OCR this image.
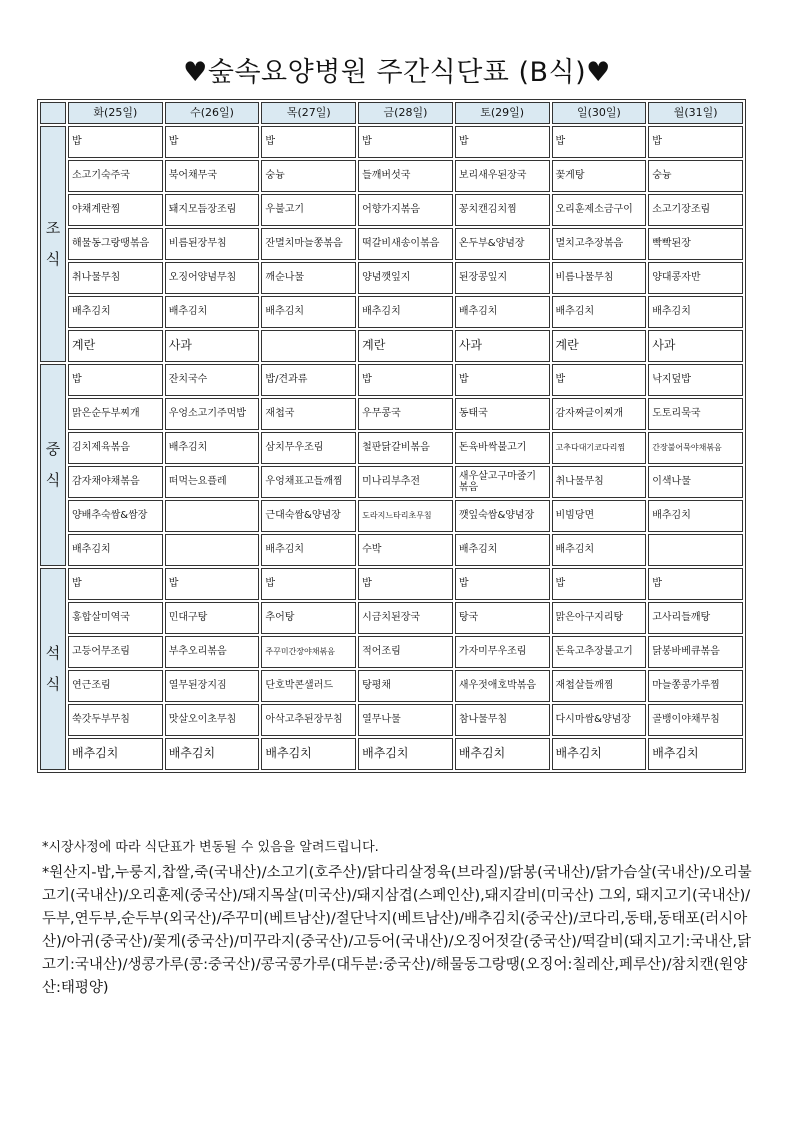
♥숲속요양병원 주간식단표 (B식)♥
	화(25일)	수(26일)	목(27일)	금(28일)	토(29일)	일(30일)	월(31일)

조
식	밥	밥	밥	밥	밥	밥	밥
	소고기숙주국	북어채무국	숭늉	들깨버섯국	보리새우된장국	꽃게탕	숭늉
	야채계란찜	돼지모듬장조림	우불고기	어향가지볶음	꽁치캔김치찜	오리훈제소금구이	소고기장조림
	해물동그랑땡볶음	비름된장무침	잔멸치마늘쫑볶음	떡갈비새송이볶음	온두부&양념장	멸치고추장볶음	빡빡된장
	취나물무침	오징어양념무침	깨순나물	양념깻잎지	된장콩잎지	비름나물무침	양대콩자반
	배추김치	배추김치	배추김치	배추김치	배추김치	배추김치	배추김치
	계란	사과		계란	사과	계란	사과

중
식	밥	잔치국수	밥/견과류	밥	밥	밥	낙지덮밥
	맑은순두부찌개	우엉소고기주먹밥	재첩국	우무콩국	동태국	감자짜글이찌개	도토리묵국
	김치제육볶음	배추김치	삼치무우조림	철판닭갈비볶음	돈육바싹불고기	고추다대기코다리찜	간장불어묵야채볶음
	감자채야채볶음	떠먹는요플레	우엉채표고들깨찜	미나리부추전	새우살고구마줄기볶음	취나물무침	이색나물
	양배추숙쌈&쌈장		근대숙쌈&양념장	도라지느타리초무침	깻잎숙쌈&양념장	비빔당면	배추김치
	배추김치		배추김치	수박	배추김치	배추김치	

석
식	밥	밥	밥	밥	밥	밥	밥
	홍합살미역국	민대구탕	추어탕	시금치된장국	탕국	맑은아구지리탕	고사리들깨탕
	고등어무조림	부추오리볶음	주꾸미간장야채볶음	적어조림	가자미무우조림	돈육고추장불고기	닭봉바베큐볶음
	연근조림	열무된장지짐	단호박콘샐러드	탕평채	새우젓애호박볶음	재첩살들깨찜	마늘쫑콩가루찜
	쑥갓두부무침	맛살오이초무침	아삭고추된장무침	열무나물	참나물무침	다시마쌈&양념장	골뱅이야채무침
	배추김치	배추김치	배추김치	배추김치	배추김치	배추김치	배추김치
*시장사정에 따라 식단표가 변동될 수 있음을 알려드립니다.
*원산지-밥,누룽지,찹쌀,죽(국내산)/소고기(호주산)/닭다리살정육(브라질)/닭봉(국내산)/닭가슴살(국내산)/오리불고기(국내산)/오리훈제(중국산)/돼지목살(미국산)/돼지삼겹(스페인산),돼지갈비(미국산) 그외, 돼지고기(국내산)/두부,연두부,순두부(외국산)/주꾸미(베트남산)/절단낙지(베트남산)/배추김치(중국산)/코다리,동태,동태포(러시아산)/아귀(중국산)/꽃게(중국산)/미꾸라지(중국산)/고등어(국내산)/오징어젓갈(중국산)/떡갈비(돼지고기:국내산,닭고기:국내산)/생콩가루(콩:중국산)/콩국콩가루(대두분:중국산)/해물동그랑땡(오징어:칠레산,페루산)/참치캔(원양산:태평양)
